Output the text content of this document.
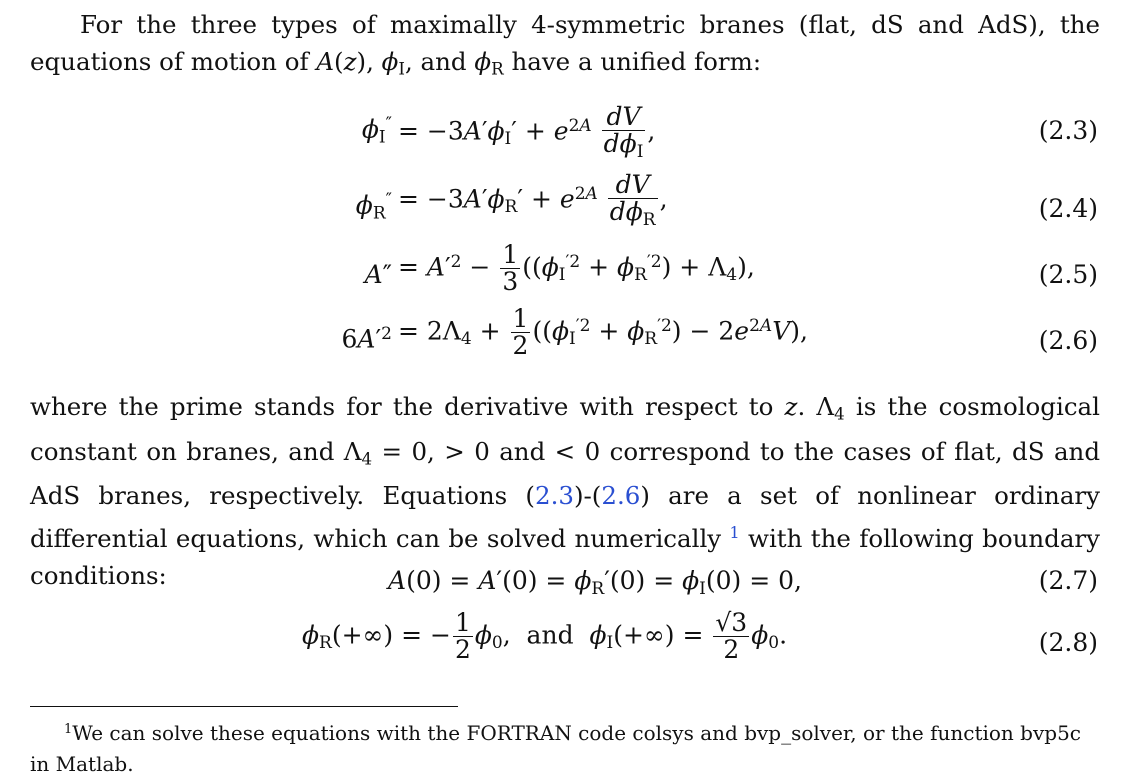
For the three types of maximally 4-symmetric branes (flat, dS and AdS), the equations of motion of A(z), $\phi_I$, and $\phi_R$ have a unified form:
$\phi_I'' = -3A'\phi_I' + e^{2A} \frac{dV}{d\phi_I}$ ,	(2.3)
$\phi_R'' = -3A'\phi_R' + e^{2A} \frac{dV}{d\phi_R}$ ,	(2.4)
$A'' = A'^2 - \frac{1}{3} ((\phi_I^{'2} + \phi_R^{'2}) + \Lambda_4)$,	(2.5)
$6A'^2 = 2\Lambda_4 + \frac{1}{2} ((\phi_I^{'2} + \phi_R^{'2}) - 2e^{2A}V)$,	(2.6)
where the prime stands for the derivative with respect to z. $\Lambda_4$ is the cosmological constant on branes, and $\Lambda_4 = 0$, > 0 and < 0 correspond to the cases of flat, dS and AdS branes, respectively. Equations (2.3)-(2.6) are a set of nonlinear ordinary differential equations, which can be solved numerically $^1$ with the following boundary conditions:	$A(0) = A'(0) = \phi_R'(0) = \phi_I(0) = 0$,	(2.7)
$\phi_R(+\infty)$ = − $\frac{1}{2} \phi_0$,  and  $\phi_I(+\infty) = \frac{√3}{2} \phi_0$.	(2.8)
$^1$We can solve these equations with the FORTRAN code colsys and bvp_solver, or the function bvp5c in Matlab.
